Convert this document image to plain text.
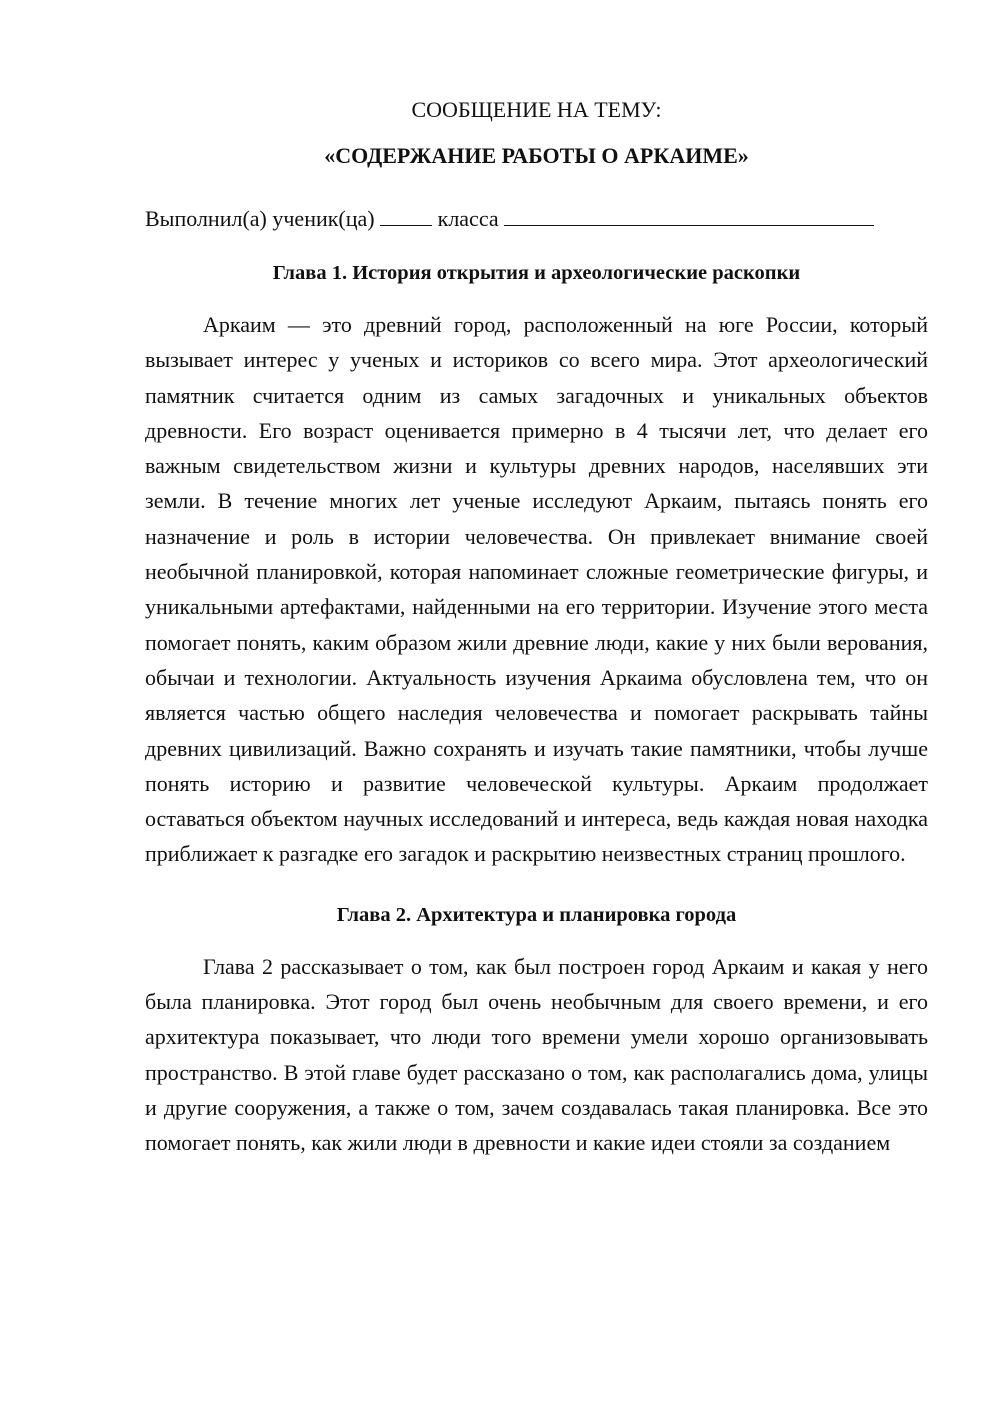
СООБЩЕНИЕ НА ТЕМУ:

«СОДЕРЖАНИЕ РАБОТЫ О АРКАИМЕ»

Выполнил(а) ученик(ца)	класса

Глава 1. История открытия и археологические раскопки

Аркаим — это древний город, расположенный на юге России, который вызывает интерес у ученых и историков со всего мира. Этот археологический памятник считается одним из самых загадочных и уникальных объектов древности. Его возраст оценивается примерно в 4 тысячи лет, что делает его важным свидетельством жизни и культуры древних народов, населявших эти земли. В течение многих лет ученые исследуют Аркаим, пытаясь понять его назначение и роль в истории человечества. Он привлекает внимание своей необычной планировкой, которая напоминает сложные геометрические фигуры, и уникальными артефактами, найденными на его территории. Изучение этого места помогает понять, каким образом жили древние люди, какие у них были верования, обычаи и технологии. Актуальность изучения Аркаима обусловлена тем, что он является частью общего наследия человечества и помогает раскрывать тайны древних цивилизаций. Важно сохранять и изучать такие памятники, чтобы лучше понять историю и развитие человеческой культуры. Аркаим продолжает оставаться объектом научных исследований и интереса, ведь каждая новая находка приближает к разгадке его загадок и раскрытию неизвестных страниц прошлого.

Глава 2. Архитектура и планировка города

Глава 2 рассказывает о том, как был построен город Аркаим и какая у него была планировка. Этот город был очень необычным для своего времени, и его архитектура показывает, что люди того времени умели хорошо организовывать пространство. В этой главе будет рассказано о том, как располагались дома, улицы и другие сооружения, а также о том, зачем создавалась такая планировка. Все это помогает понять, как жили люди в древности и какие идеи стояли за созданием
